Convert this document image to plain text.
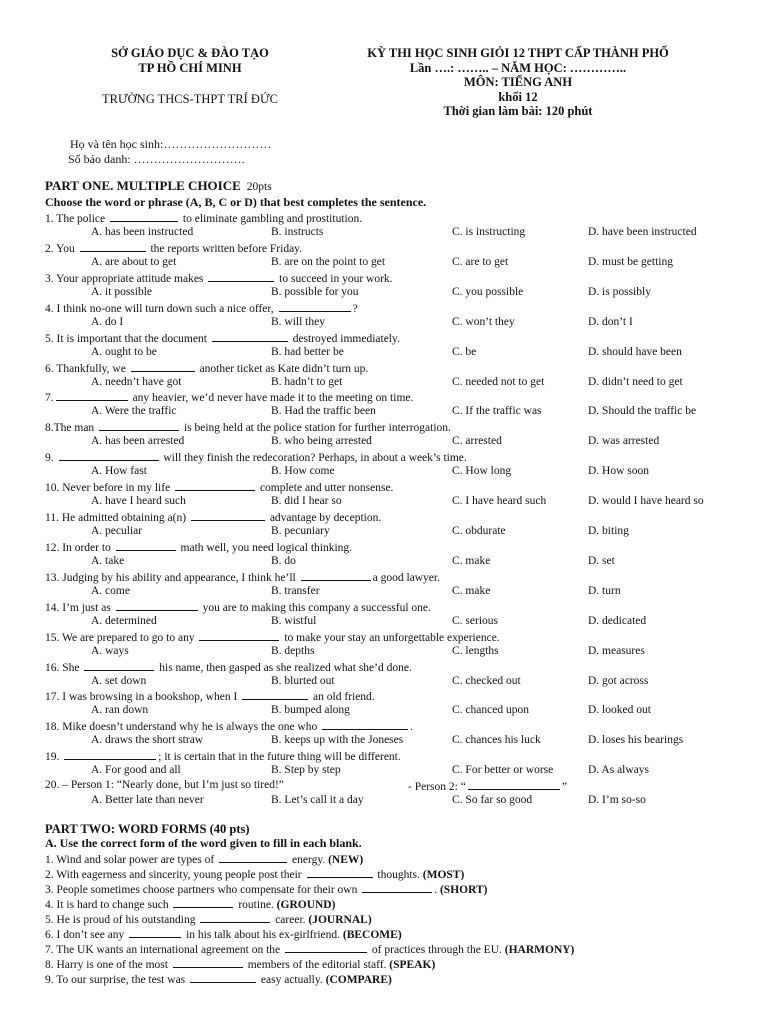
SỞ GIÁO DỤC & ĐÀO TẠO
TP HỒ CHÍ MINH
TRƯỜNG THCS-THPT TRÍ ĐỨC
KỲ THI HỌC SINH GIỎI 12 THPT CẤP THÀNH PHỐ
Lần ….: …….. – NĂM HỌC: …………..
MÔN: TIẾNG ANH
khối 12
Thời gian làm bài: 120 phút
Họ và tên học sinh:………………………
Số báo danh: ……………………….
PART ONE. MULTIPLE CHOICE 20pts
Choose the word or phrase (A, B, C or D) that best completes the sentence.
1. The police	to eliminate gambling and prostitution.
A. has been instructed	B. instructs	C. is instructing	D. have been instructed
2. You	the reports written before Friday.
A. are about to get	B. are on the point to get	C. are to get	D. must be getting
3. Your appropriate attitude makes	to succeed in your work.
A. it possible	B. possible for you	C. you possible	D. is possibly
4. I think no-one will turn down such a nice offer,	?
A. do I	B. will they	C. won’t they	D. don’t I
5. It is important that the document	destroyed immediately.
A. ought to be	B. had better be	C. be	D. should have been
6. Thankfully, we	another ticket as Kate didn’t turn up.
A. needn’t have got	B. hadn’t to get	C. needed not to get	D. didn’t need to get
7.	any heavier, we’d never have made it to the meeting on time.
A. Were the traffic	B. Had the traffic been	C. If the traffic was	D. Should the traffic be
8.The man	is being held at the police station for further interrogation.
A. has been arrested	B. who being arrested	C. arrested	D. was arrested
9.	will they finish the redecoration? Perhaps, in about a week’s time.
A. How fast	B. How come	C. How long	D. How soon
10. Never before in my life	complete and utter nonsense.
A. have I heard such	B. did I hear so	C. I have heard such	D. would I have heard so
11. He admitted obtaining a(n)	advantage by deception.
A. peculiar	B. pecuniary	C. obdurate	D. biting
12. In order to	math well, you need logical thinking.
A. take	B. do	C. make	D. set
13. Judging by his ability and appearance, I think he’ll	a good lawyer.
A. come	B. transfer	C. make	D. turn
14. I’m just as	you are to making this company a successful one.
A. determined	B. wistful	C. serious	D. dedicated
15. We are prepared to go to any	to make your stay an unforgettable experience.
A. ways	B. depths	C. lengths	D. measures
16. She	his name, then gasped as she realized what she’d done.
A. set down	B. blurted out	C. checked out	D. got across
17. I was browsing in a bookshop, when I	an old friend.
A. ran down	B. bumped along	C. chanced upon	D. looked out
18. Mike doesn’t understand why he is always the one who	.
A. draws the short straw	B. keeps up with the Joneses	C. chances his luck	D. loses his bearings
19.	; it is certain that in the future thing will be different.
A. For good and all	B. Step by step	C. For better or worse	D. As always
20. – Person 1: “Nearly done, but I’m just so tired!”	- Person 2: “	”
A. Better late than never	B. Let’s call it a day	C. So far so good	D. I’m so-so
PART TWO: WORD FORMS (40 pts)
A. Use the correct form of the word given to fill in each blank.
1. Wind and solar power are types of	energy. (NEW)
2. With eagerness and sincerity, young people post their	thoughts. (MOST)
3. People sometimes choose partners who compensate for their own	. (SHORT)
4. It is hard to change such	routine. (GROUND)
5. He is proud of his outstanding	career. (JOURNAL)
6. I don’t see any	in his talk about his ex-girlfriend. (BECOME)
7. The UK wants an international agreement on the	of practices through the EU. (HARMONY)
8. Harry is one of the most	members of the editorial staff. (SPEAK)
9. To our surprise, the test was	easy actually. (COMPARE)
